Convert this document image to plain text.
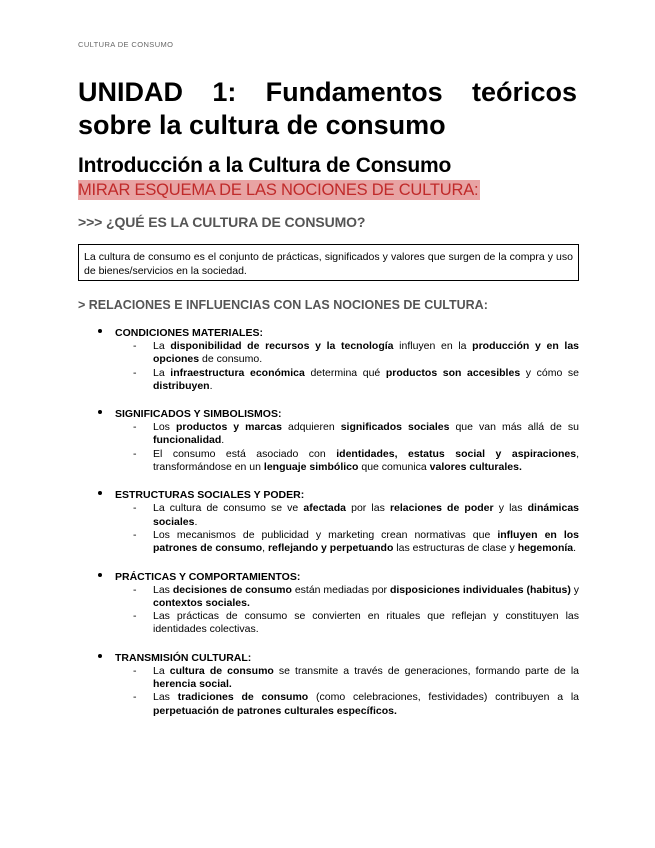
CULTURA DE CONSUMO
UNIDAD 1: Fundamentos teóricos
sobre la cultura de consumo
Introducción a la Cultura de Consumo
MIRAR ESQUEMA DE LAS NOCIONES DE CULTURA:
>>> ¿QUÉ ES LA CULTURA DE CONSUMO?
La cultura de consumo es el conjunto de prácticas, significados y valores que surgen de la compra y uso de bienes/servicios en la sociedad.
> RELACIONES E INFLUENCIAS CON LAS NOCIONES DE CULTURA:
CONDICIONES MATERIALES:
- La disponibilidad de recursos y la tecnología influyen en la producción y en las opciones de consumo.
- La infraestructura económica determina qué productos son accesibles y cómo se distribuyen.
SIGNIFICADOS Y SIMBOLISMOS:
- Los productos y marcas adquieren significados sociales que van más allá de su funcionalidad.
- El consumo está asociado con identidades, estatus social y aspiraciones, transformándose en un lenguaje simbólico que comunica valores culturales.
ESTRUCTURAS SOCIALES Y PODER:
- La cultura de consumo se ve afectada por las relaciones de poder y las dinámicas sociales.
- Los mecanismos de publicidad y marketing crean normativas que influyen en los patrones de consumo, reflejando y perpetuando las estructuras de clase y hegemonía.
PRÁCTICAS Y COMPORTAMIENTOS:
- Las decisiones de consumo están mediadas por disposiciones individuales (habitus) y contextos sociales.
- Las prácticas de consumo se convierten en rituales que reflejan y constituyen las identidades colectivas.
TRANSMISIÓN CULTURAL:
- La cultura de consumo se transmite a través de generaciones, formando parte de la herencia social.
- Las tradiciones de consumo (como celebraciones, festividades) contribuyen a la perpetuación de patrones culturales específicos.
